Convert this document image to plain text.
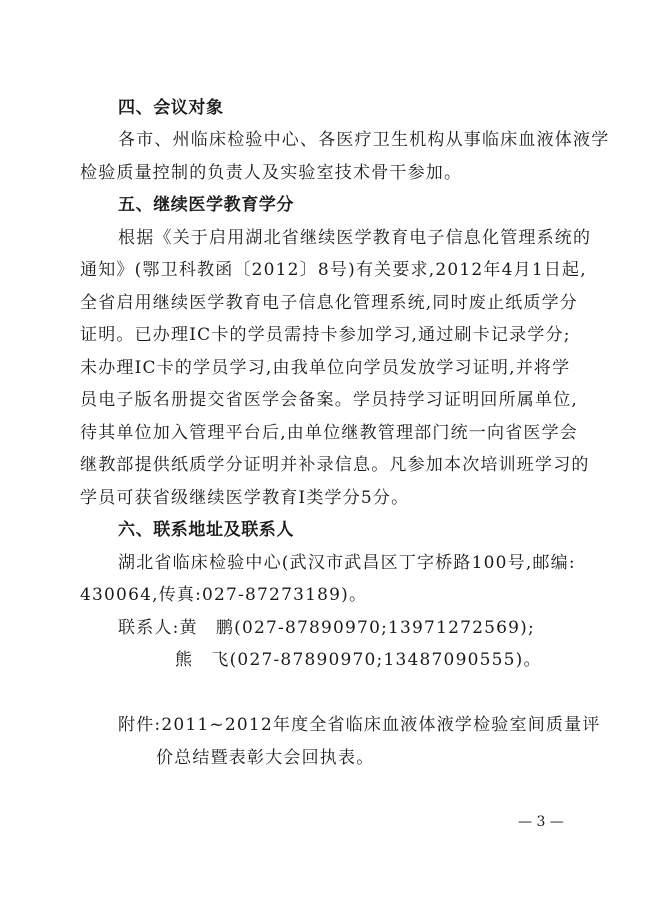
四、会议对象
各市、州临床检验中心、各医疗卫生机构从事临床血液体液学
检验质量控制的负责人及实验室技术骨干参加。
五、继续医学教育学分
根据《关于启用湖北省继续医学教育电子信息化管理系统的
通知》(鄂卫科教函〔2012〕8号)有关要求,2012年4月1日起,
全省启用继续医学教育电子信息化管理系统,同时废止纸质学分
证明。已办理IC卡的学员需持卡参加学习,通过刷卡记录学分;
未办理IC卡的学员学习,由我单位向学员发放学习证明,并将学
员电子版名册提交省医学会备案。学员持学习证明回所属单位,
待其单位加入管理平台后,由单位继教管理部门统一向省医学会
继教部提供纸质学分证明并补录信息。凡参加本次培训班学习的
学员可获省级继续医学教育Ⅰ类学分5分。
六、联系地址及联系人
湖北省临床检验中心(武汉市武昌区丁字桥路100号,邮编:
430064,传真:027-87273189)。
联系人:黄　鹏(027-87890970;13971272569);
熊　飞(027-87890970;13487090555)。
附件:2011~2012年度全省临床血液体液学检验室间质量评
价总结暨表彰大会回执表。
— 3 —
